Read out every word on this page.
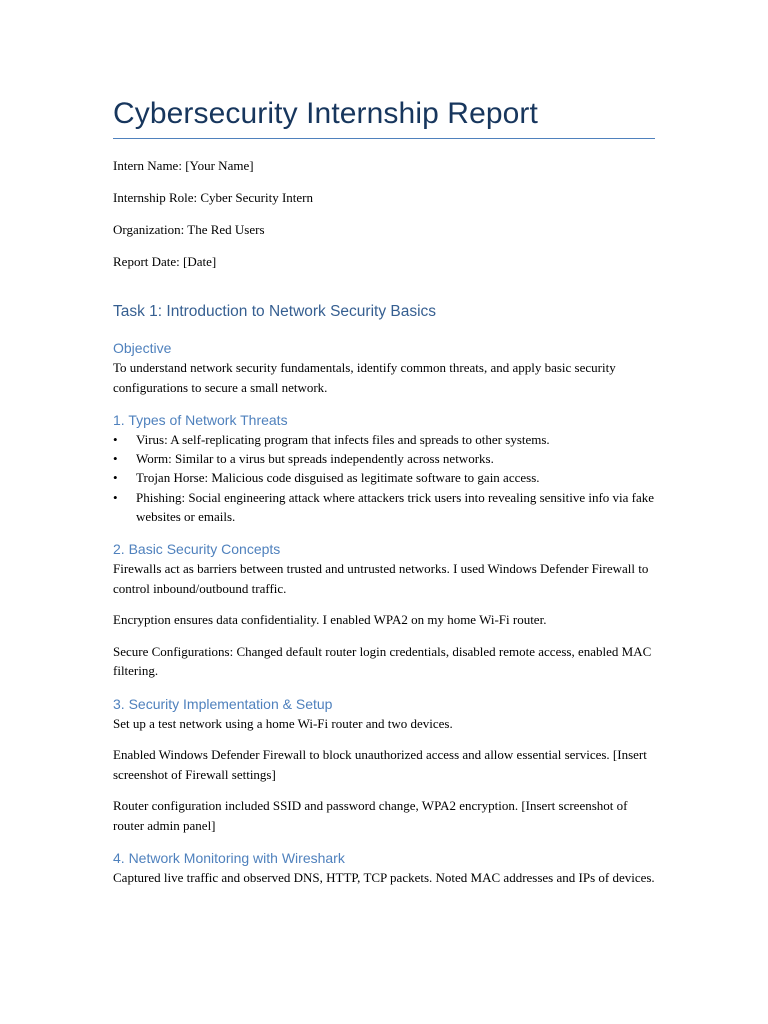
Cybersecurity Internship Report

Intern Name: [Your Name]

Internship Role: Cyber Security Intern

Organization: The Red Users

Report Date: [Date]

Task 1: Introduction to Network Security Basics
Objective

To understand network security fundamentals, identify common threats, and apply basic security configurations to secure a small network.

1. Types of Network Threats
• Virus: A self-replicating program that infects files and spreads to other systems.
• Worm: Similar to a virus but spreads independently across networks.
• Trojan Horse: Malicious code disguised as legitimate software to gain access.
• Phishing: Social engineering attack where attackers trick users into revealing sensitive info via fake websites or emails.
2. Basic Security Concepts

Firewalls act as barriers between trusted and untrusted networks. I used Windows Defender Firewall to control inbound/outbound traffic.

Encryption ensures data confidentiality. I enabled WPA2 on my home Wi-Fi router.

Secure Configurations: Changed default router login credentials, disabled remote access, enabled MAC filtering.

3. Security Implementation & Setup

Set up a test network using a home Wi-Fi router and two devices.

Enabled Windows Defender Firewall to block unauthorized access and allow essential services. [Insert screenshot of Firewall settings]

Router configuration included SSID and password change, WPA2 encryption. [Insert screenshot of router admin panel]

4. Network Monitoring with Wireshark

Captured live traffic and observed DNS, HTTP, TCP packets. Noted MAC addresses and IPs of devices.
